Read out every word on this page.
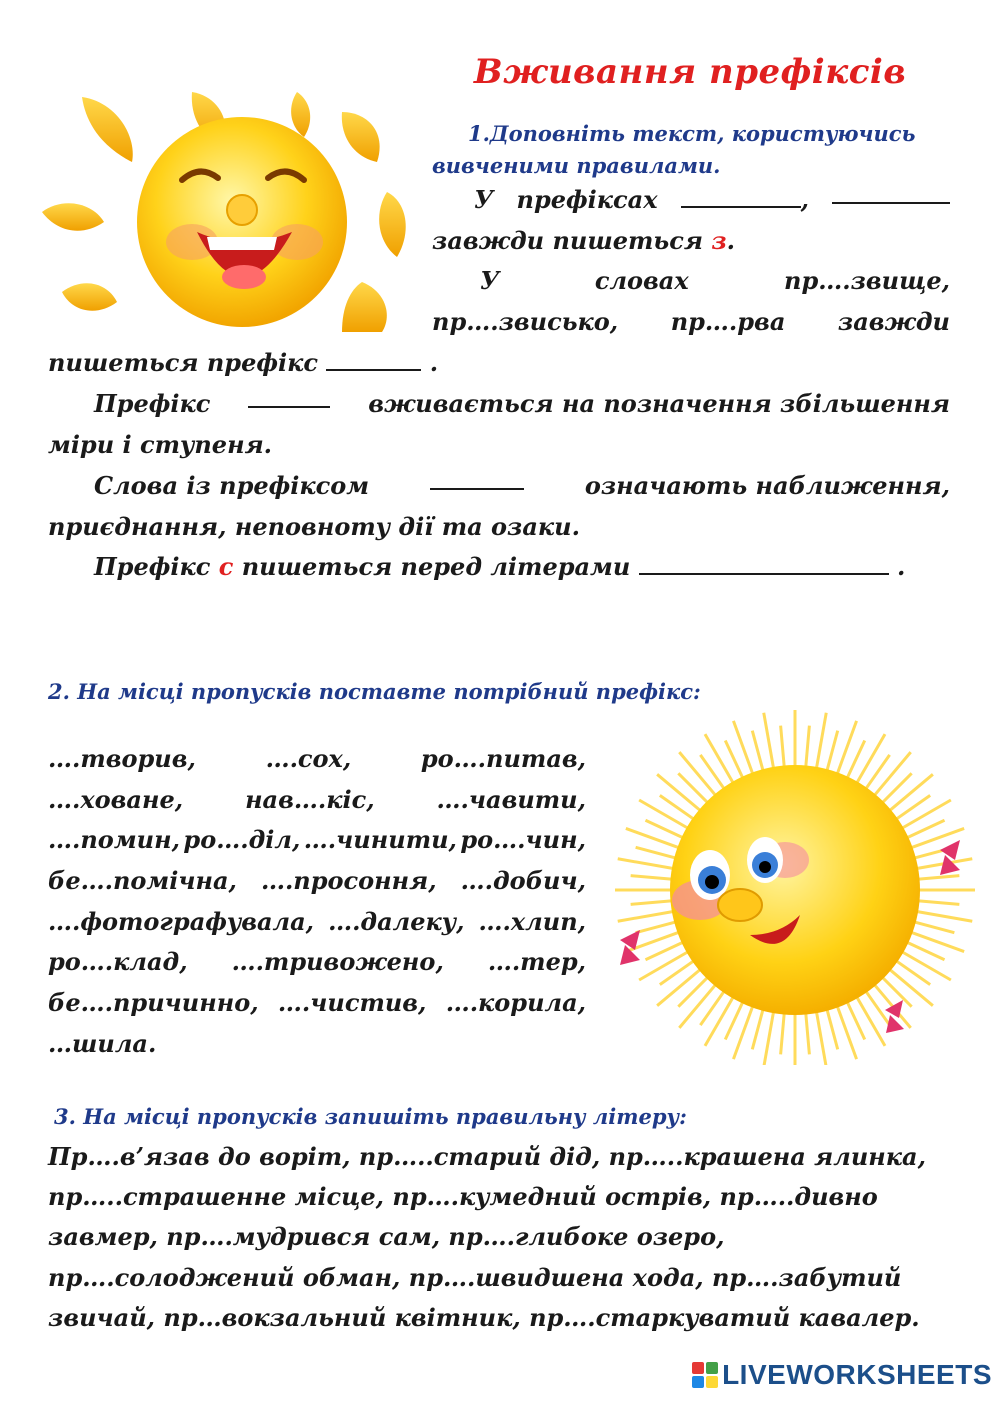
Вживання префіксів
1.Доповніть текст, користуючись
вивченими правилами.
У префіксах	,
завжди пишеться з.
У	словах	пр….звище,
пр….звисько, пр….рва завжди
пишеться префікс	.
Префікс	вживається на позначення збільшення
міри і ступеня.
Слова із префіксом	означають наближення,
приєднання, неповноту дії та озаки.
Префікс с пишеться перед літерами	.
2. На місці пропусків поставте потрібний префікс:
….творив,	….сох,	ро….питав,
….ховане,	нав….кіс,	….чавити,
….помин, ро….діл, ….чинити, ро….чин,
бе….помічна, ….просоння, ….добич,
….фотографувала, ….далеку, ….хлип,
ро….клад, ….тривожено, ….тер,
бе….причинно, ….чистив, ….корила,
…шила.
3. На місці пропусків запишіть правильну літеру:
Пр….в’язав до воріт, пр…..старий дід, пр…..крашена ялинка,
пр…..страшенне місце, пр….кумедний острів, пр…..дивно
завмер, пр….мудрився сам, пр….глибоке озеро,
пр….солоджений обман, пр….швидшена хода, пр….забутий
звичай, пр…вокзальний квітник, пр….старкуватий кавалер.
LIVEWORKSHEETS
